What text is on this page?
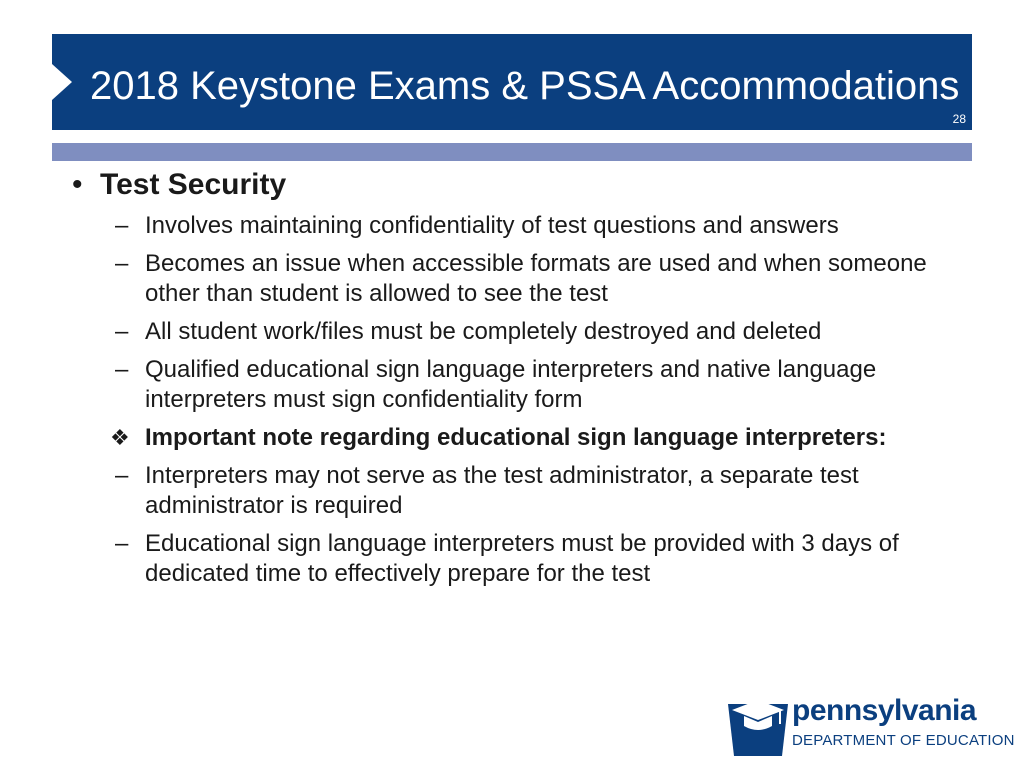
2018 Keystone Exams & PSSA Accommodations
28
• Test Security
– Involves maintaining confidentiality of test questions and answers
– Becomes an issue when accessible formats are used and when someone other than student is allowed to see the test
– All student work/files must be completely destroyed and deleted
– Qualified educational sign language interpreters and native language interpreters must sign confidentiality form
❖ Important note regarding educational sign language interpreters:
– Interpreters may not serve as the test administrator, a separate test administrator is required
– Educational sign language interpreters must be provided with 3 days of dedicated time to effectively prepare for the test
pennsylvania
DEPARTMENT OF EDUCATION
